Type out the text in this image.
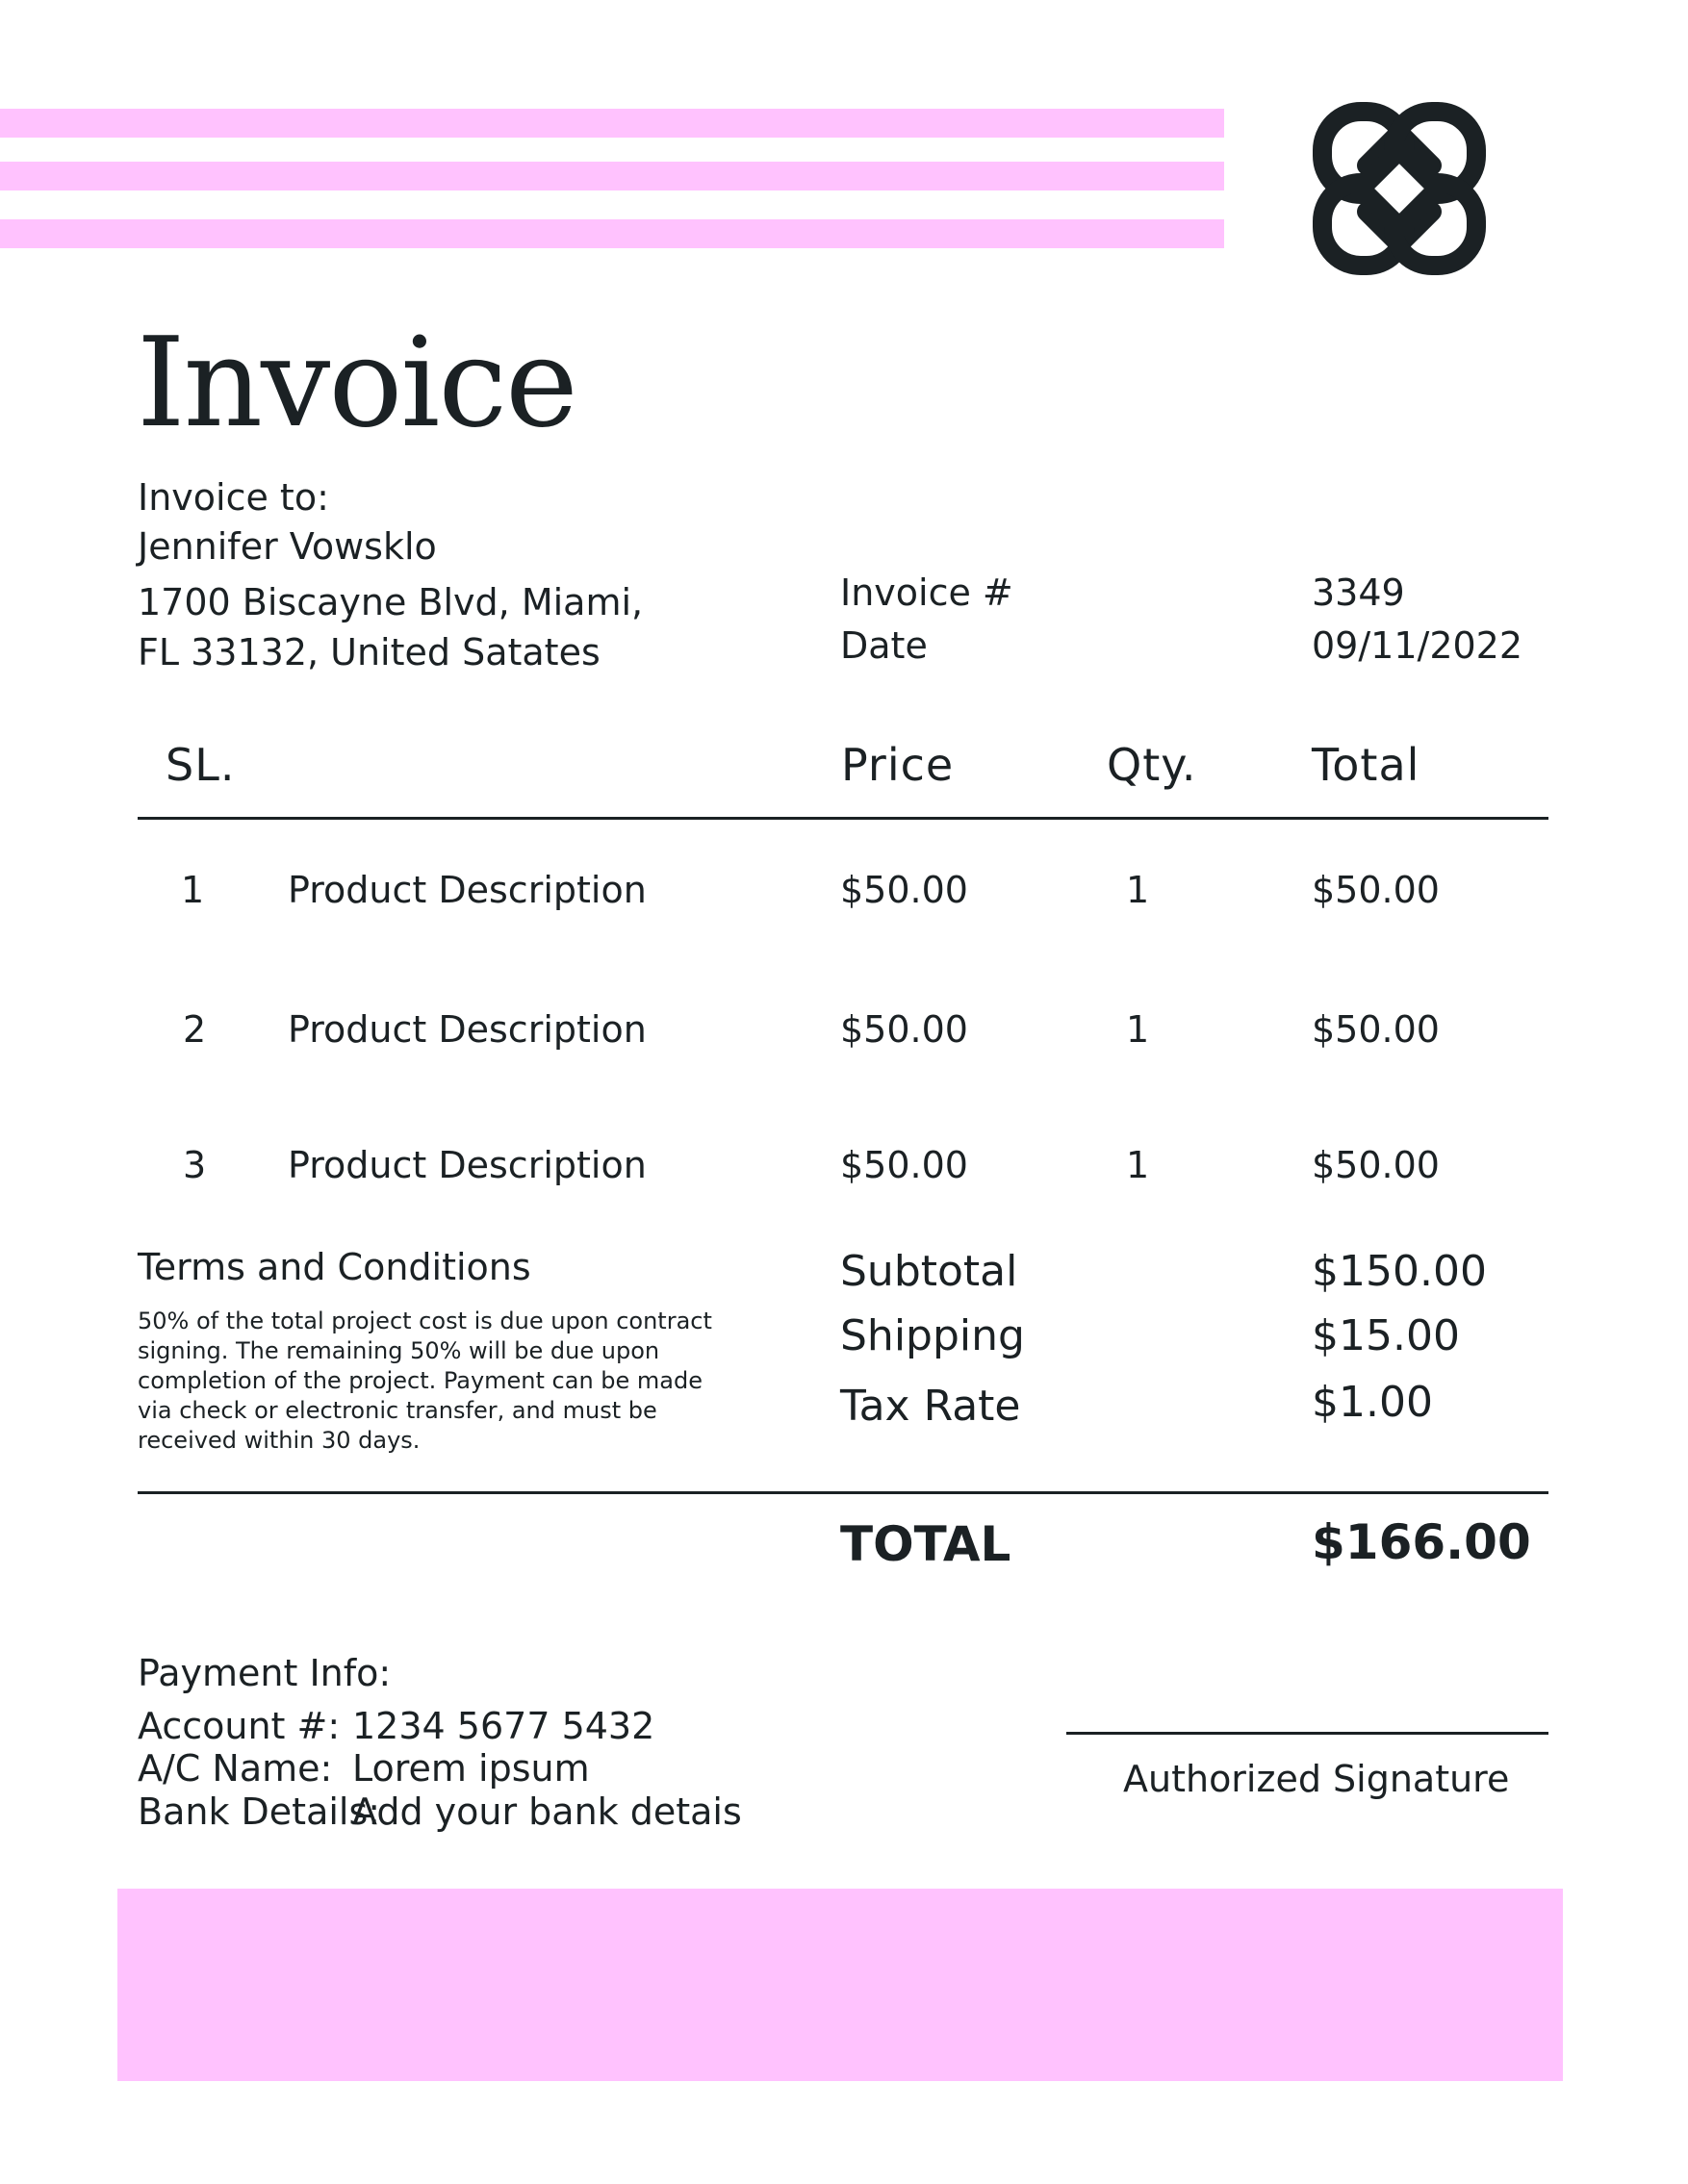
Invoice
Invoice to:
Jennifer Vowsklo
1700 Biscayne Blvd, Miami,
FL 33132, United Satates
Invoice #	3349
Date	09/11/2022
SL.	Price	Qty.	Total
1 Product Description	$50.00	1	$50.00
2 Product Description	$50.00	1	$50.00
3 Product Description	$50.00	1	$50.00
Terms and Conditions
50% of the total project cost is due upon contract signing. The remaining 50% will be due upon completion of the project. Payment can be made via check or electronic transfer, and must be received within 30 days.
Subtotal	$150.00
Shipping	$15.00
Tax Rate	$1.00
TOTAL	$166.00
Payment Info:
Account #: 1234 5677 5432
A/C Name: Lorem ipsum
Bank Details:
Add your bank detais
Authorized Signature
